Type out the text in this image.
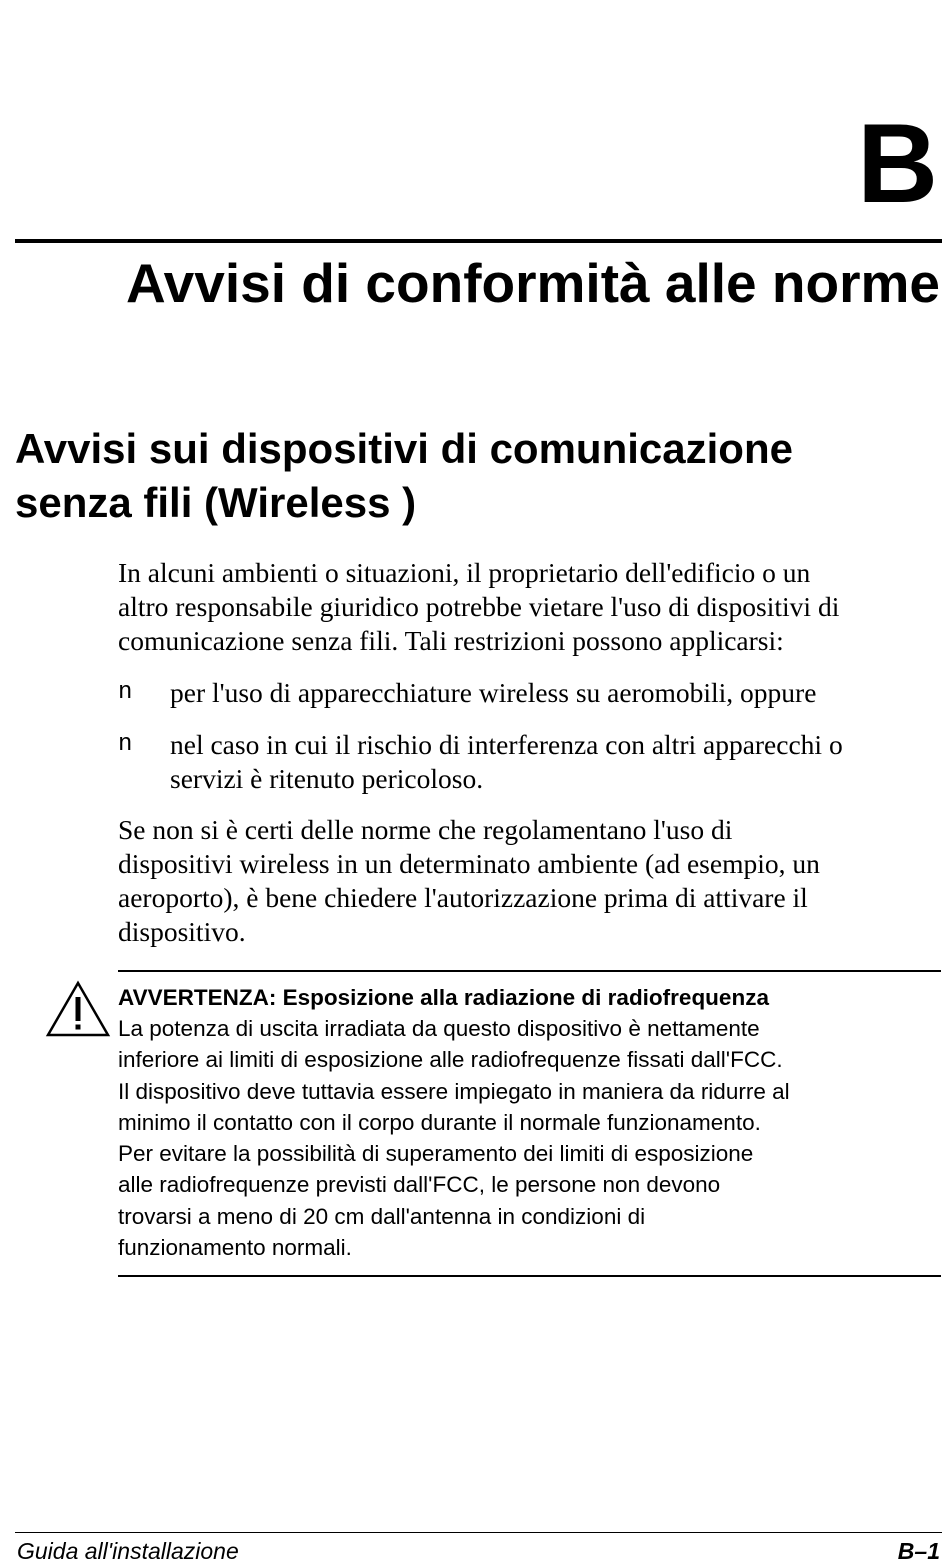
B
Avvisi di conformità alle norme
Avvisi sui dispositivi di comunicazione
senza fili (Wireless )

In alcuni ambienti o situazioni, il proprietario dell'edificio o un
altro responsabile giuridico potrebbe vietare l'uso di dispositivi di
comunicazione senza fili. Tali restrizioni possono applicarsi:

n per l'uso di apparecchiature wireless su aeromobili, oppure
n nel caso in cui il rischio di interferenza con altri apparecchi o
servizi è ritenuto pericoloso.

Se non si è certi delle norme che regolamentano l'uso di
dispositivi wireless in un determinato ambiente (ad esempio, un
aeroporto), è bene chiedere l'autorizzazione prima di attivare il
dispositivo.

AVVERTENZA: Esposizione alla radiazione di radiofrequenza

La potenza di uscita irradiata da questo dispositivo è nettamente
inferiore ai limiti di esposizione alle radiofrequenze fissati dall'FCC.
Il dispositivo deve tuttavia essere impiegato in maniera da ridurre al
minimo il contatto con il corpo durante il normale funzionamento.
Per evitare la possibilità di superamento dei limiti di esposizione
alle radiofrequenze previsti dall'FCC, le persone non devono
trovarsi a meno di 20 cm dall'antenna in condizioni di
funzionamento normali.

Guida all'installazione	B–1
